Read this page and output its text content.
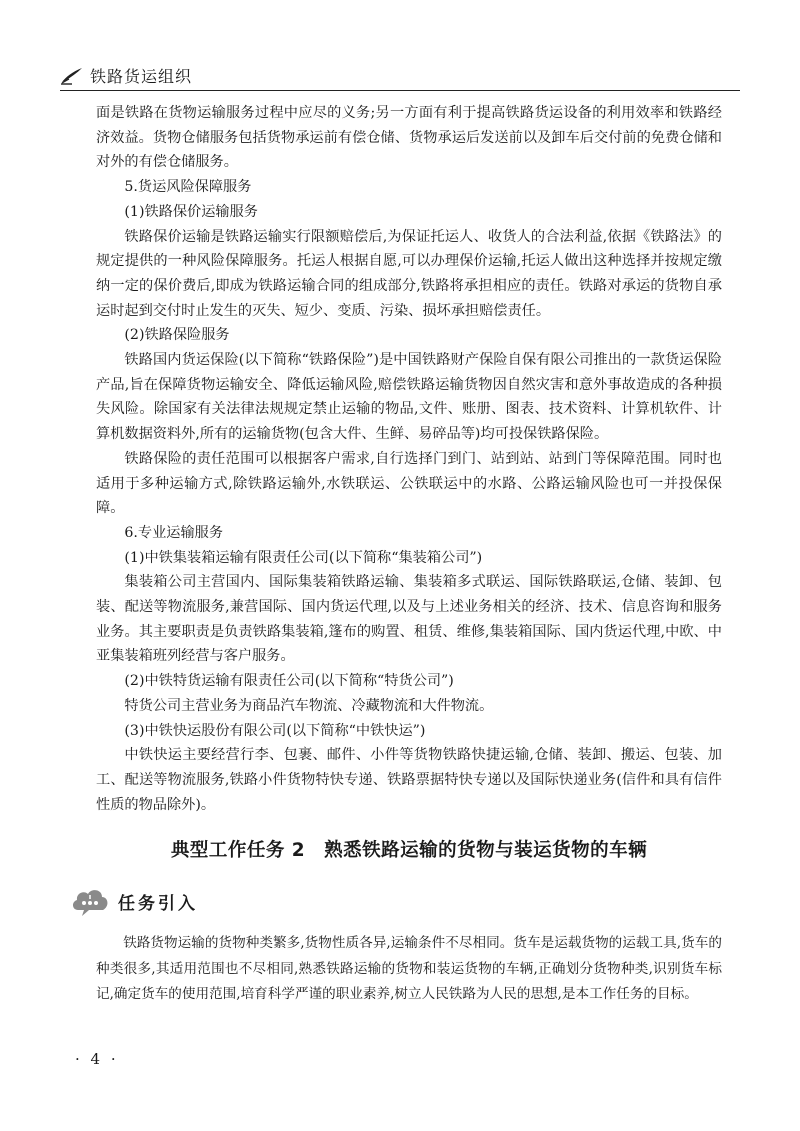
铁路货运组织

面是铁路在货物运输服务过程中应尽的义务;另一方面有利于提高铁路货运设备的利用效率和铁路经济效益。货物仓储服务包括货物承运前有偿仓储、货物承运后发送前以及卸车后交付前的免费仓储和对外的有偿仓储服务。

5.货运风险保障服务

(1)铁路保价运输服务

铁路保价运输是铁路运输实行限额赔偿后,为保证托运人、收货人的合法利益,依据《铁路法》的规定提供的一种风险保障服务。托运人根据自愿,可以办理保价运输,托运人做出这种选择并按规定缴纳一定的保价费后,即成为铁路运输合同的组成部分,铁路将承担相应的责任。铁路对承运的货物自承运时起到交付时止发生的灭失、短少、变质、污染、损坏承担赔偿责任。

(2)铁路保险服务

铁路国内货运保险(以下简称“铁路保险”)是中国铁路财产保险自保有限公司推出的一款货运保险产品,旨在保障货物运输安全、降低运输风险,赔偿铁路运输货物因自然灾害和意外事故造成的各种损失风险。除国家有关法律法规规定禁止运输的物品,文件、账册、图表、技术资料、计算机软件、计算机数据资料外,所有的运输货物(包含大件、生鲜、易碎品等)均可投保铁路保险。

铁路保险的责任范围可以根据客户需求,自行选择门到门、站到站、站到门等保障范围。同时也适用于多种运输方式,除铁路运输外,水铁联运、公铁联运中的水路、公路运输风险也可一并投保保障。

6.专业运输服务

(1)中铁集装箱运输有限责任公司(以下简称“集装箱公司”)

集装箱公司主营国内、国际集装箱铁路运输、集装箱多式联运、国际铁路联运,仓储、装卸、包装、配送等物流服务,兼营国际、国内货运代理,以及与上述业务相关的经济、技术、信息咨询和服务业务。其主要职责是负责铁路集装箱,篷布的购置、租赁、维修,集装箱国际、国内货运代理,中欧、中亚集装箱班列经营与客户服务。

(2)中铁特货运输有限责任公司(以下简称“特货公司”)

特货公司主营业务为商品汽车物流、冷藏物流和大件物流。

(3)中铁快运股份有限公司(以下简称“中铁快运”)

中铁快运主要经营行李、包裹、邮件、小件等货物铁路快捷运输,仓储、装卸、搬运、包装、加工、配送等物流服务,铁路小件货物特快专递、铁路票据特快专递以及国际快递业务(信件和具有信件性质的物品除外)。

典型工作任务 2　熟悉铁路运输的货物与装运货物的车辆
任务引入

铁路货物运输的货物种类繁多,货物性质各异,运输条件不尽相同。货车是运载货物的运载工具,货车的种类很多,其适用范围也不尽相同,熟悉铁路运输的货物和装运货物的车辆,正确划分货物种类,识别货车标记,确定货车的使用范围,培育科学严谨的职业素养,树立人民铁路为人民的思想,是本工作任务的目标。

· 4 ·
